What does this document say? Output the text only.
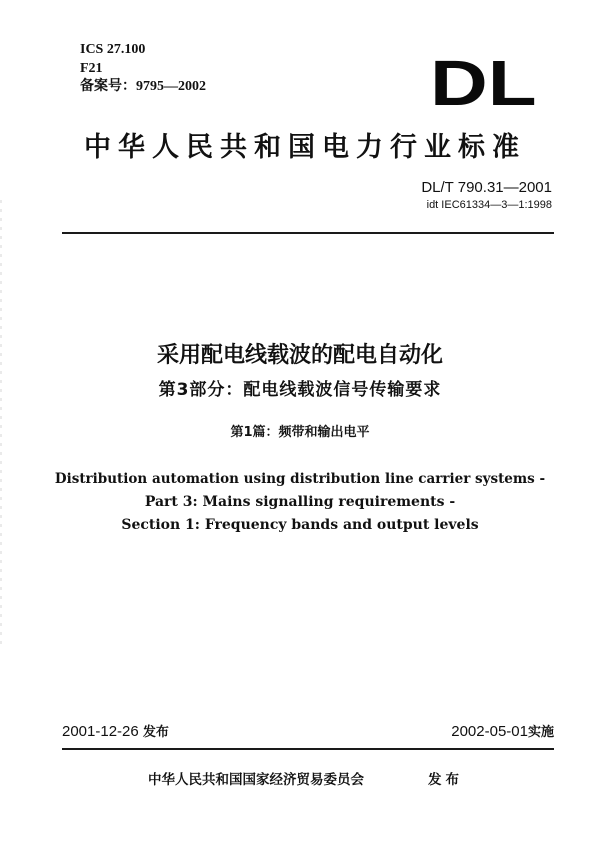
ICS 27.100
F21
备案号：9795—2002	DL
中华人民共和国电力行业标准
DL/T 790.31—2001
idt IEC61334—3—1:1998
采用配电线载波的配电自动化
第3部分：配电线载波信号传输要求
第1篇：频带和输出电平
Distribution automation using distribution line carrier systems -
Part 3: Mains signalling requirements -
Section 1: Frequency bands and output levels
2001-12-26 发布	2002-05-01实施
中华人民共和国国家经济贸易委员会	发布
